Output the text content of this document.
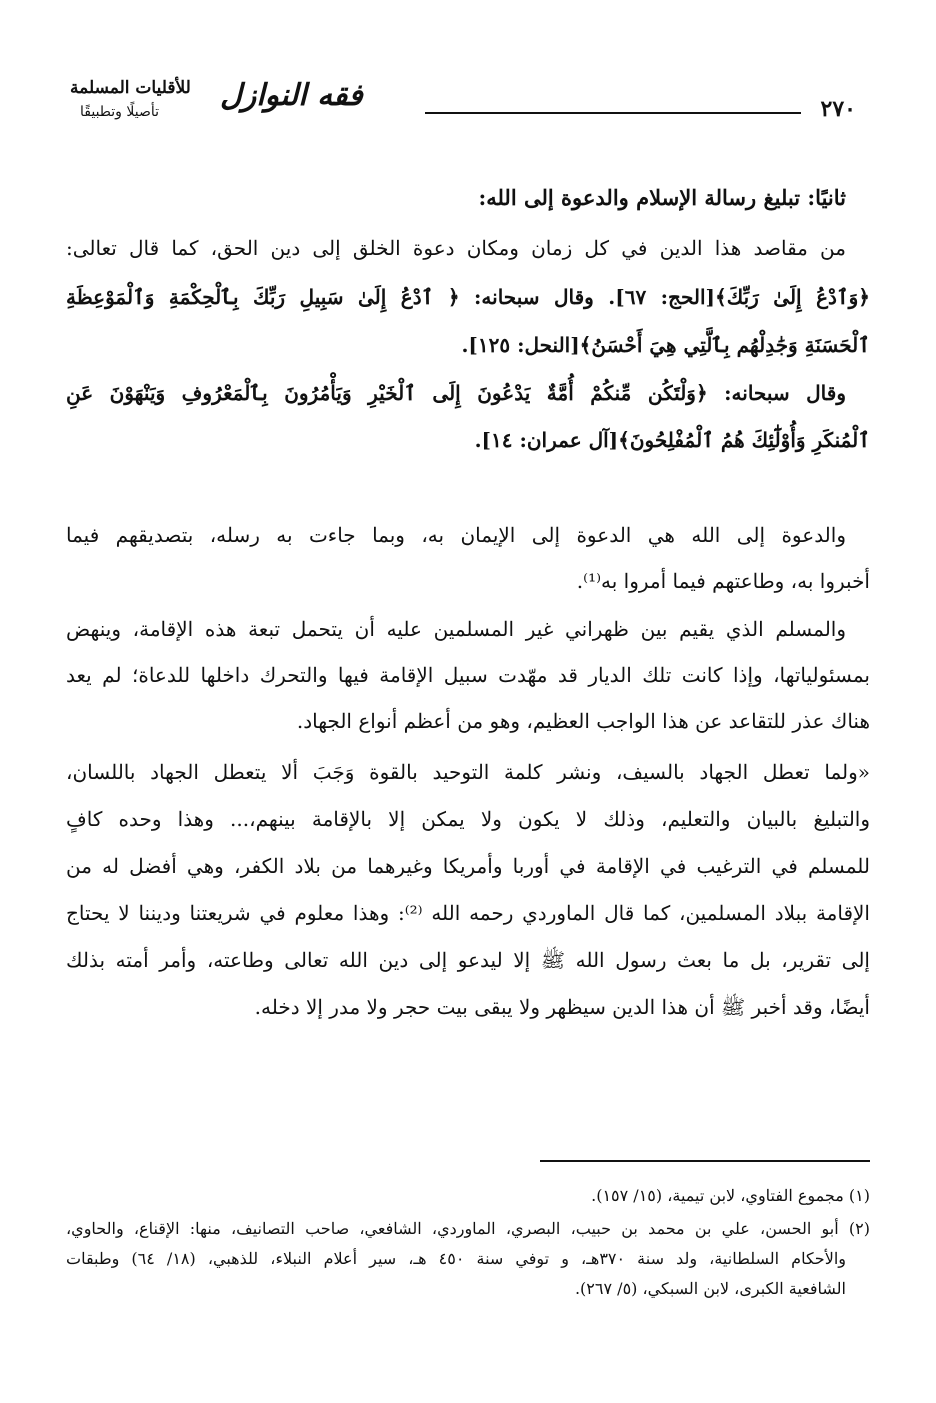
٢٧٠
فقه النوازل
للأقليات المسلمة
تأصيلًا وتطبيقًا
ثانيًا: تبليغ رسالة الإسلام والدعوة إلى الله:
من مقاصد هذا الدين في كل زمان ومكان دعوة الخلق إلى دين الحق، كما قال تعالى:
﴿وَٱدْعُ إِلَىٰ رَبِّكَ﴾[الحج: ٦٧]. وقال سبحانه: ﴿ ٱدْعُ إِلَىٰ سَبِيلِ رَبِّكَ بِٱلْحِكْمَةِ وَٱلْمَوْعِظَةِ
ٱلْحَسَنَةِ وَجَٰدِلْهُم بِٱلَّتِي هِيَ أَحْسَنُ﴾[النحل: ١٢٥].
وقال سبحانه: ﴿وَلْتَكُن مِّنكُمْ أُمَّةٌ يَدْعُونَ إِلَى ٱلْخَيْرِ وَيَأْمُرُونَ بِٱلْمَعْرُوفِ وَيَنْهَوْنَ عَنِ
ٱلْمُنكَرِ وَأُوْلَٰٓئِكَ هُمُ ٱلْمُفْلِحُونَ﴾[آل عمران: ١٤].
والدعوة إلى الله هي الدعوة إلى الإيمان به، وبما جاءت به رسله، بتصديقهم فيما
أخبروا به، وطاعتهم فيما أمروا به⁽¹⁾.
والمسلم الذي يقيم بين ظهراني غير المسلمين عليه أن يتحمل تبعة هذه الإقامة، وينهض
بمسئولياتها، وإذا كانت تلك الديار قد مهّدت سبيل الإقامة فيها والتحرك داخلها للدعاة؛ لم يعد
هناك عذر للتقاعد عن هذا الواجب العظيم، وهو من أعظم أنواع الجهاد.
«ولما تعطل الجهاد بالسيف، ونشر كلمة التوحيد بالقوة وَجَبَ ألا يتعطل الجهاد باللسان،
والتبليغ بالبيان والتعليم، وذلك لا يكون ولا يمكن إلا بالإقامة بينهم،... وهذا وحده كافٍ
للمسلم في الترغيب في الإقامة في أوربا وأمريكا وغيرهما من بلاد الكفر، وهي أفضل له من
الإقامة ببلاد المسلمين، كما قال الماوردي رحمه الله ⁽²⁾: وهذا معلوم في شريعتنا وديننا لا يحتاج
إلى تقرير، بل ما بعث رسول الله ﷺ إلا ليدعو إلى دين الله تعالى وطاعته، وأمر أمته بذلك
أيضًا، وقد أخبر ﷺ أن هذا الدين سيظهر ولا يبقى بيت حجر ولا مدر إلا دخله.
(١) مجموع الفتاوي، لابن تيمية، (١٥/ ١٥٧).
(٢) أبو الحسن، علي بن محمد بن حبيب، البصري، الماوردي، الشافعي، صاحب التصانيف، منها: الإقناع، والحاوي،
والأحكام السلطانية، ولد سنة ٣٧٠هـ، و توفي سنة ٤٥٠ هـ، سير أعلام النبلاء، للذهبي، (١٨/ ٦٤) وطبقات
الشافعية الكبرى، لابن السبكي، (٥/ ٢٦٧).
